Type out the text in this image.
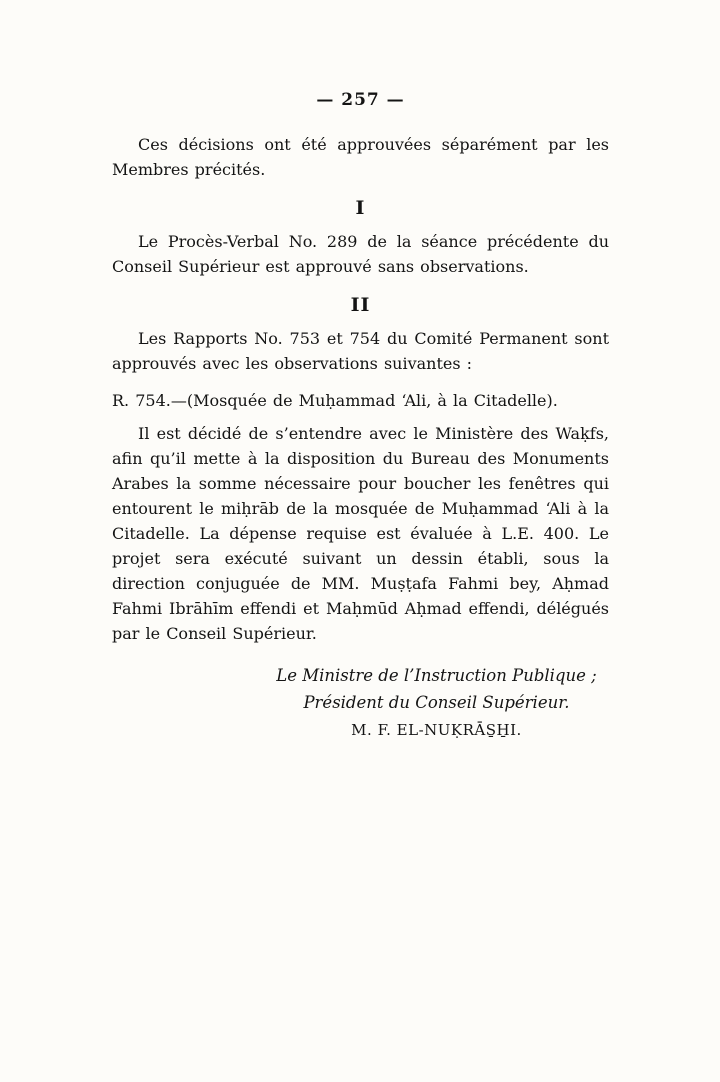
— 257 —

Ces décisions ont été approuvées séparément par les Membres précités.

I

Le Procès-Verbal No. 289 de la séance précédente du Conseil Supérieur est approuvé sans observations.

II

Les Rapports No. 753 et 754 du Comité Permanent sont approuvés avec les observations suivantes :

R. 754.—(Mosquée de Muḥammad ‘Ali, à la Citadelle).

Il est décidé de s’entendre avec le Ministère des Waḳfs, afin qu’il mette à la disposition du Bureau des Monuments Arabes la somme nécessaire pour boucher les fenêtres qui entourent le miḥrāb de la mosquée de Muḥammad ‘Ali à la Citadelle. La dépense requise est évaluée à L.E. 400. Le projet sera exécuté suivant un dessin établi, sous la direction conjuguée de MM. Muṣṭafa Fahmi bey, Aḥmad Fahmi Ibrāhīm effendi et Maḥmūd Aḥmad effendi, délégués par le Conseil Supérieur.

Le Ministre de l’Instruction Publique ;
Président du Conseil Supérieur.
M. F. EL-NUḲRĀS̱H̱I.
